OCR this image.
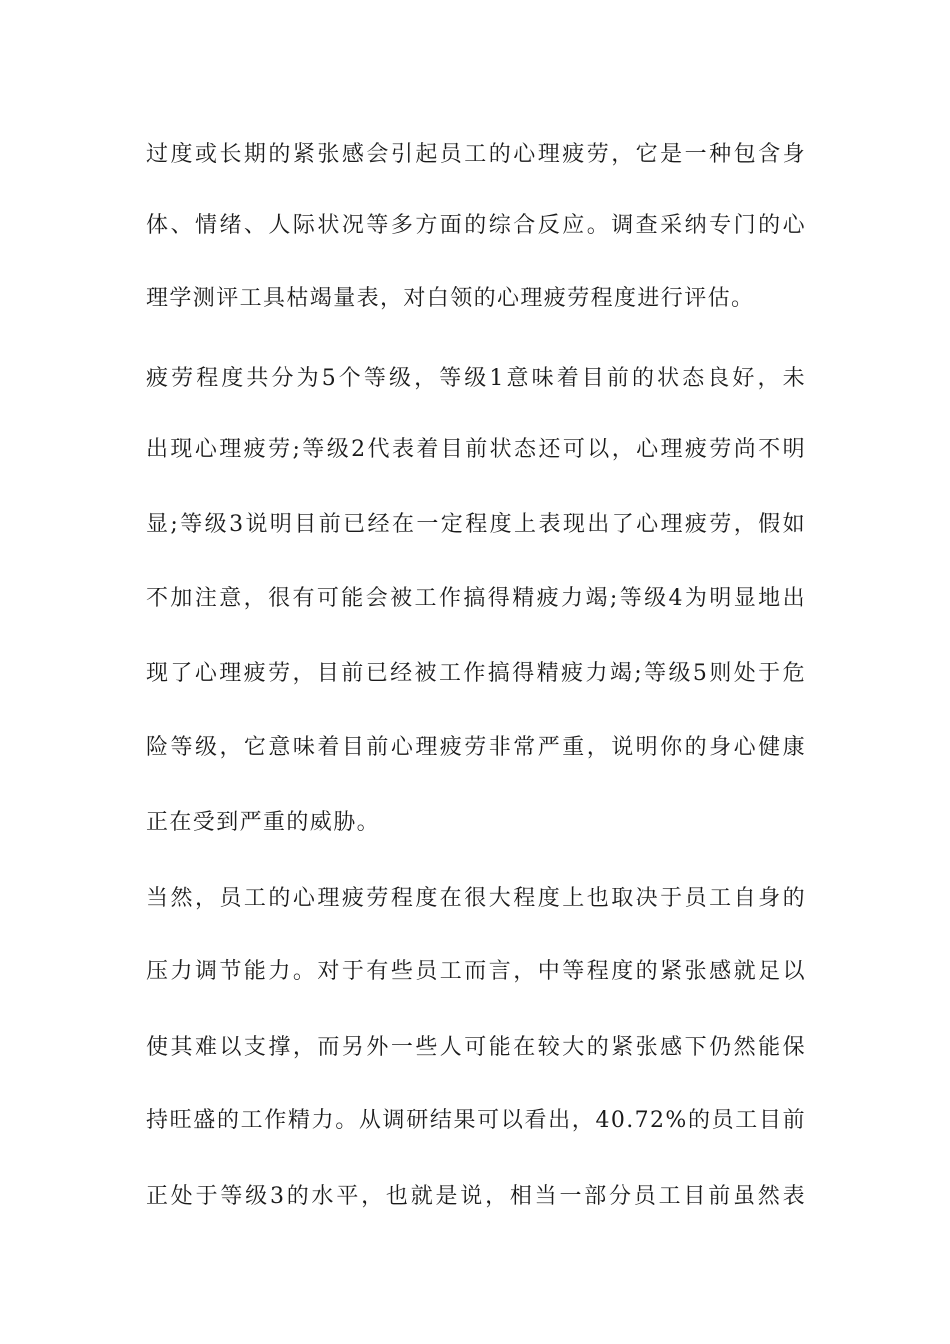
过度或长期的紧张感会引起员工的心理疲劳，它是一种包含身

体、情绪、人际状况等多方面的综合反应。调查采纳专门的心

理学测评工具枯竭量表，对白领的心理疲劳程度进行评估。

疲劳程度共分为5个等级，等级1意味着目前的状态良好，未

出现心理疲劳;等级2代表着目前状态还可以，心理疲劳尚不明

显;等级3说明目前已经在一定程度上表现出了心理疲劳，假如

不加注意，很有可能会被工作搞得精疲力竭;等级4为明显地出

现了心理疲劳，目前已经被工作搞得精疲力竭;等级5则处于危

险等级，它意味着目前心理疲劳非常严重，说明你的身心健康

正在受到严重的威胁。

当然，员工的心理疲劳程度在很大程度上也取决于员工自身的

压力调节能力。对于有些员工而言，中等程度的紧张感就足以

使其难以支撑，而另外一些人可能在较大的紧张感下仍然能保

持旺盛的工作精力。从调研结果可以看出，40.72%的员工目前

正处于等级3的水平，也就是说，相当一部分员工目前虽然表
